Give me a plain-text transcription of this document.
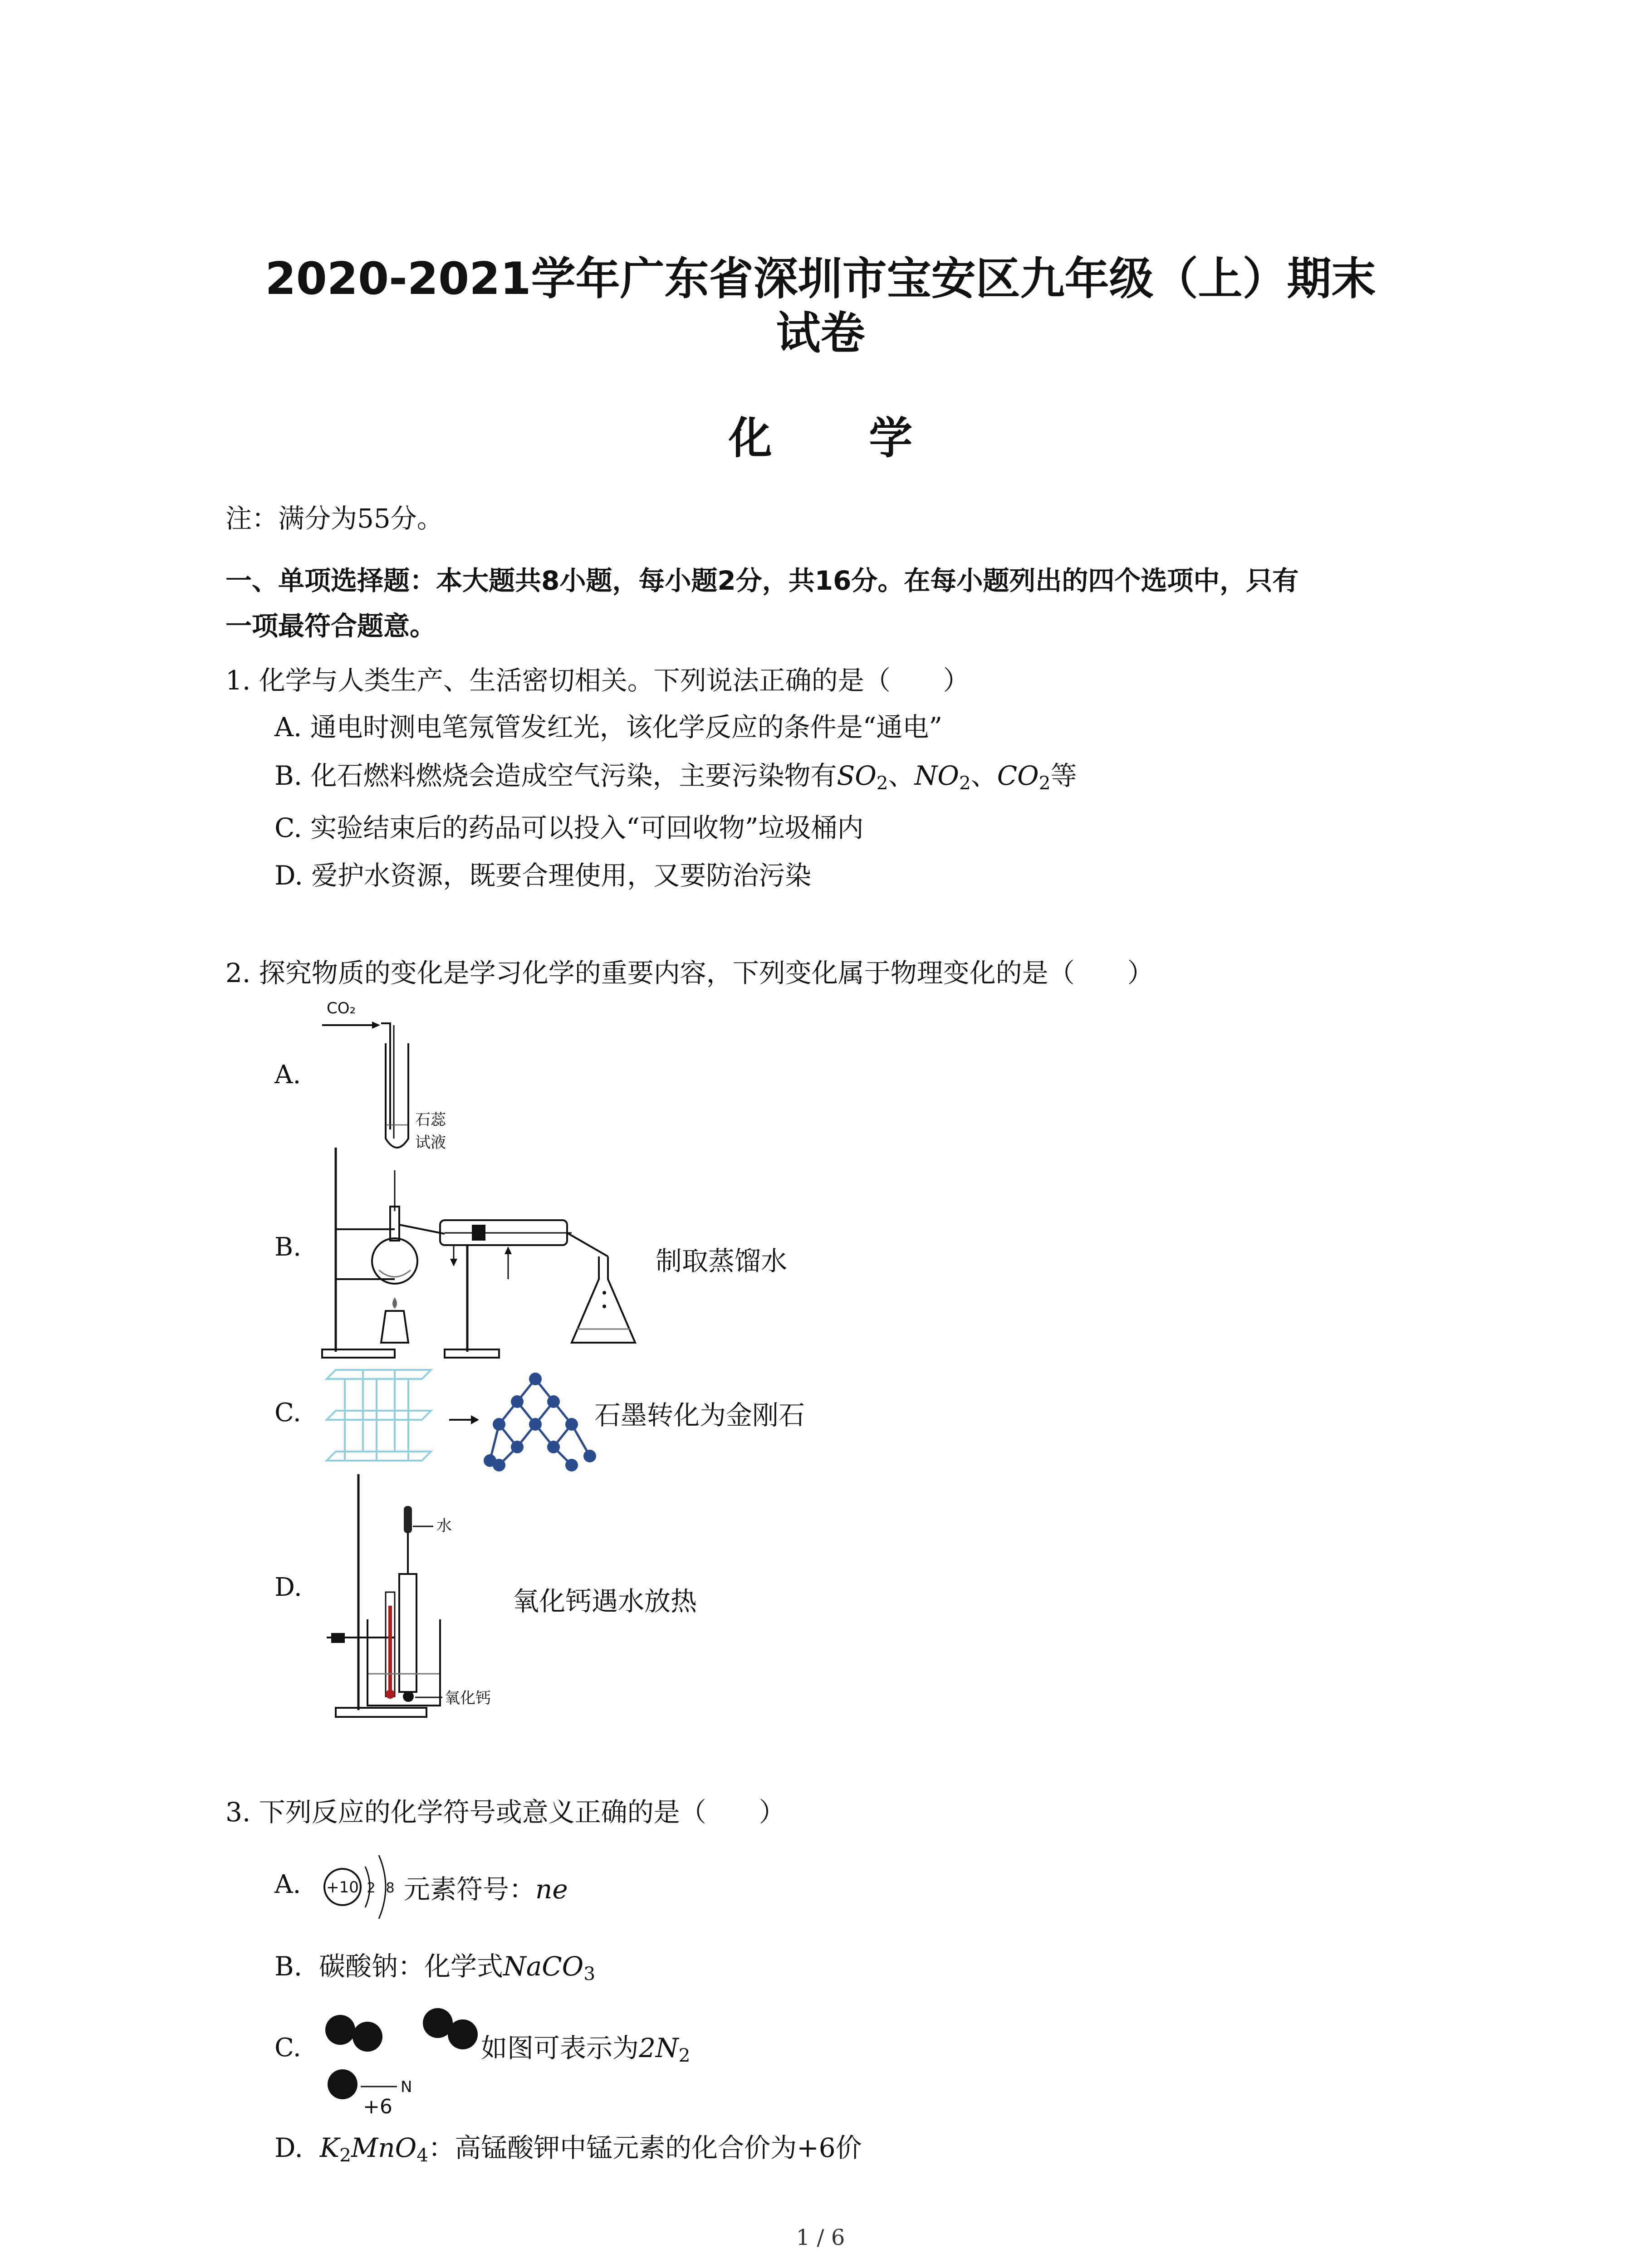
2020-2021学年广东省深圳市宝安区九年级（上）期末
试卷
化 学
注：满分为55分。
一、单项选择题：本大题共8小题，每小题2分，共16分。在每小题列出的四个选项中，只有
一项最符合题意。
1. 化学与人类生产、生活密切相关。下列说法正确的是（　　）
A. 通电时测电笔氖管发红光，该化学反应的条件是“通电”
B. 化石燃料燃烧会造成空气污染，主要污染物有$SO_2$、$NO_2$、$CO_2$等
C. 实验结束后的药品可以投入“可回收物”垃圾桶内
D. 爱护水资源，既要合理使用，又要防治污染
2. 探究物质的变化是学习化学的重要内容，下列变化属于物理变化的是（　　）
A.
CO₂
石蕊
试液
B.	制取蒸馏水
C.	石墨转化为金刚石
D.
水
氧化钙
氧化钙遇水放热
3. 下列反应的化学符号或意义正确的是（　　）
A. +10 2 8 元素符号：ne
B. 碳酸钠：化学式NaCO$_3$
C.
N
如图可表示为$2N_2$
+6
D. $K_2MnO_4$：高锰酸钾中锰元素的化合价为+6价
1 / 6
